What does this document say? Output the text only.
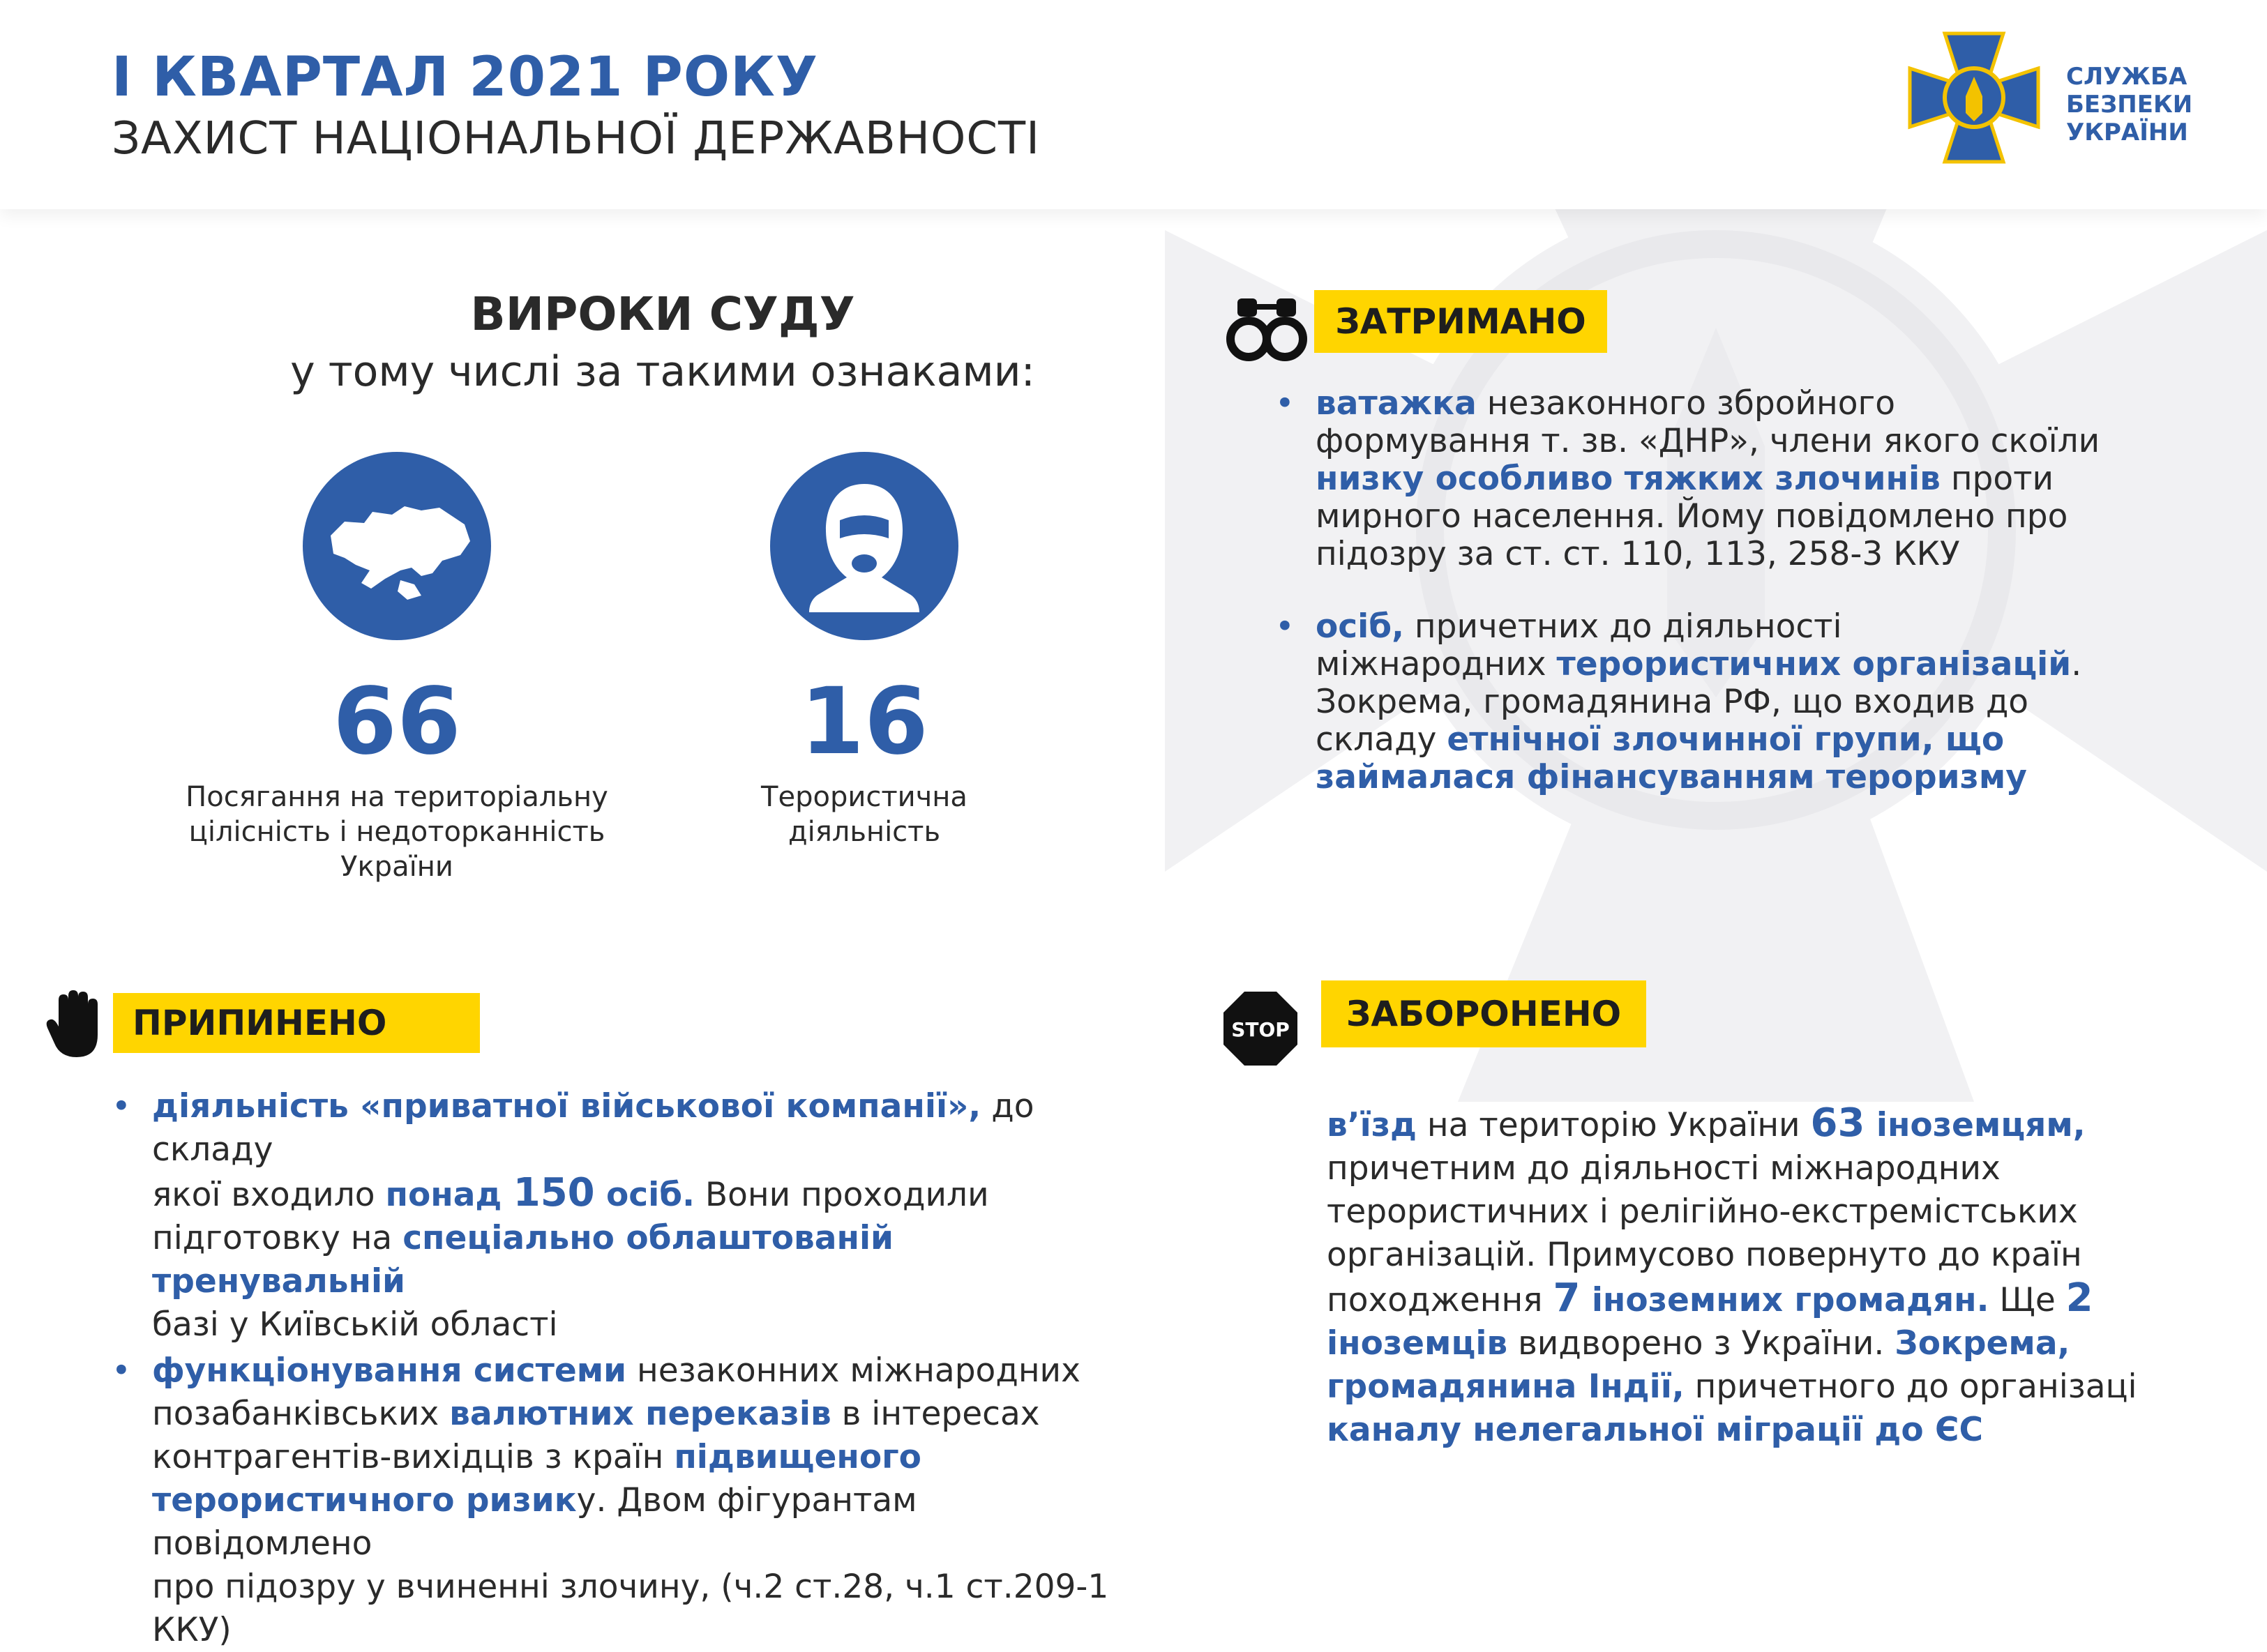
І КВАРТАЛ 2021 РОКУ
ЗАХИСТ НАЦІОНАЛЬНОЇ ДЕРЖАВНОСТІ
СЛУЖБА
БЕЗПЕКИ
УКРАЇНИ
ВИРОКИ СУДУ
у тому числі за такими ознаками:
66	16
Посягання на територіальну
цілісність і недоторканність
України
Терористична
діяльність
ЗАТРИМАНО
• ватажка незаконного збройного
формування т. зв. «ДНР», члени якого скоїли
низку особливо тяжких злочинів проти
мирного населення. Йому повідомлено про
підозру за ст. ст. 110, 113, 258-3 ККУ
• осіб, причетних до діяльності
міжнародних терористичних організацій.
Зокрема, громадянина РФ, що входив до
складу етнічної злочинної групи, що
займалася фінансуванням тероризму
ПРИПИНЕНО
• діяльність «приватної військової компанії», до складу
якої входило понад 150 осіб. Вони проходили
підготовку на спеціально облаштованій тренувальній
базі у Київській області
• функціонування системи незаконних міжнародних
позабанківських валютних переказів в інтересах
контрагентів-вихідців з країн підвищеного
терористичного ризику. Двом фігурантам повідомлено
про підозру у вчиненні злочину, (ч.2 ст.28, ч.1 ст.209-1 ККУ)
STOP ЗАБОРОНЕНО
в’їзд на територію України 63 іноземцям,
причетним до діяльності міжнародних
терористичних і релігійно-екстремістських
організацій. Примусово повернуто до країн
походження 7 іноземних громадян. Ще 2
іноземців видворено з України. Зокрема,
громадянина Індії, причетного до організаці
каналу нелегальної міграції до ЄС
